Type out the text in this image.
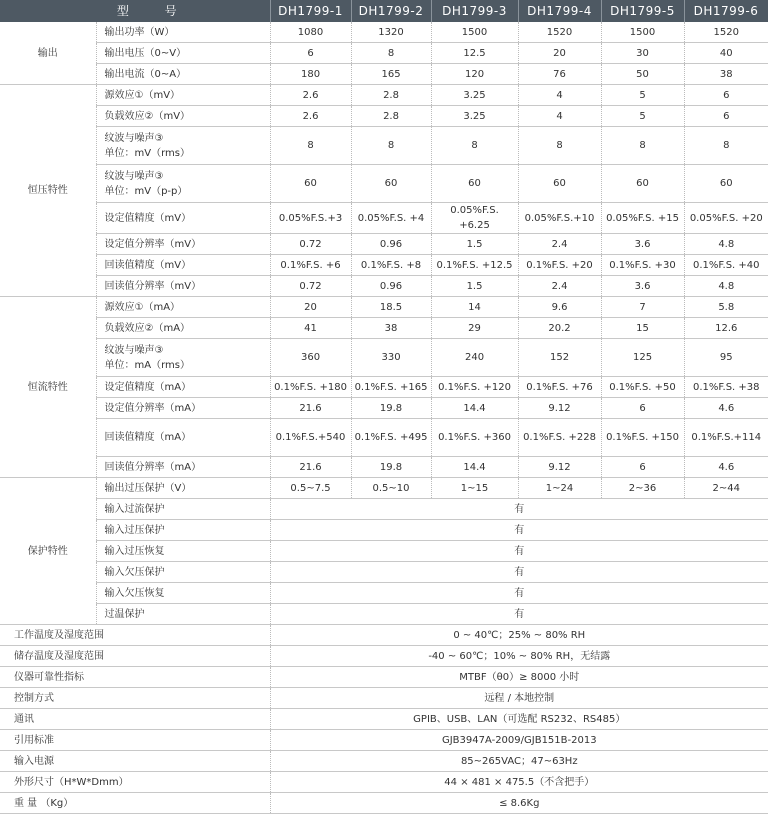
型 号		DH1799-1	DH1799-2	DH1799-3	DH1799-4	DH1799-5	DH1799-6
输出	输出功率（W）	1080	1320	1500	1520	1500	1520
	输出电压（0~V）	6	8	12.5	20	30	40
	输出电流（0~A）	180	165	120	76	50	38
恒压特性	源效应①（mV）	2.6	2.8	3.25	4	5	6
	负载效应②（mV）	2.6	2.8	3.25	4	5	6
	纹波与噪声③
单位：mV（rms）	8	8	8	8	8	8
	纹波与噪声③
单位：mV（p-p）	60	60	60	60	60	60
	设定值精度（mV）	0.05%F.S.+3	0.05%F.S. +4	0.05%F.S. +6.25	0.05%F.S.+10	0.05%F.S. +15	0.05%F.S. +20
	设定值分辨率（mV）	0.72	0.96	1.5	2.4	3.6	4.8
	回读值精度（mV）	0.1%F.S. +6	0.1%F.S. +8	0.1%F.S. +12.5	0.1%F.S. +20	0.1%F.S. +30	0.1%F.S. +40
	回读值分辨率（mV）	0.72	0.96	1.5	2.4	3.6	4.8
恒流特性	源效应①（mA）	20	18.5	14	9.6	7	5.8
	负载效应②（mA）	41	38	29	20.2	15	12.6
	纹波与噪声③
单位：mA（rms）	360	330	240	152	125	95
	设定值精度（mA）	0.1%F.S. +180	0.1%F.S. +165	0.1%F.S. +120	0.1%F.S. +76	0.1%F.S. +50	0.1%F.S. +38
	设定值分辨率（mA）	21.6	19.8	14.4	9.12	6	4.6
	回读值精度（mA）	0.1%F.S.+540	0.1%F.S. +495	0.1%F.S. +360	0.1%F.S. +228	0.1%F.S. +150	0.1%F.S.+114
	回读值分辨率（mA）	21.6	19.8	14.4	9.12	6	4.6
保护特性	输出过压保护（V）	0.5~7.5	0.5~10	1~15	1~24	2~36	2~44
	输入过流保护	有					
	输入过压保护	有					
	输入过压恢复	有					
	输入欠压保护	有					
	输入欠压恢复	有					
	过温保护	有					
工作温度及湿度范围		0 ~ 40℃；25% ~ 80% RH					
储存温度及湿度范围		-40 ~ 60℃；10% ~ 80% RH，无结露					
仪器可靠性指标		MTBF（θ0）≥ 8000 小时					
控制方式		远程 / 本地控制					
通讯		GPIB、USB、LAN（可选配 RS232、RS485）					
引用标准		GJB3947A-2009/GJB151B-2013					
输入电源		85~265VAC；47~63Hz					
外形尺寸（H*W*Dmm）		44 × 481 × 475.5（不含把手）					
重 量 （Kg）		≤ 8.6Kg					
